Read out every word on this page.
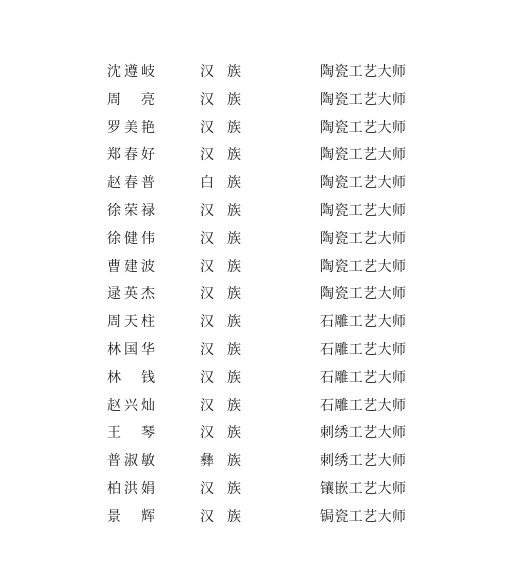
沈遵岐	汉 族	陶瓷工艺大师
周 亮	汉 族	陶瓷工艺大师
罗美艳	汉 族	陶瓷工艺大师
郑春好	汉 族	陶瓷工艺大师
赵春普	白 族	陶瓷工艺大师
徐荣禄	汉 族	陶瓷工艺大师
徐健伟	汉 族	陶瓷工艺大师
曹建波	汉 族	陶瓷工艺大师
逯英杰	汉 族	陶瓷工艺大师
周天柱	汉 族	石雕工艺大师
林国华	汉 族	石雕工艺大师
林 钱	汉 族	石雕工艺大师
赵兴灿	汉 族	石雕工艺大师
王 琴	汉 族	刺绣工艺大师
普淑敏	彝 族	刺绣工艺大师
柏洪娟	汉 族	镶嵌工艺大师
景 辉	汉 族	锔瓷工艺大师
